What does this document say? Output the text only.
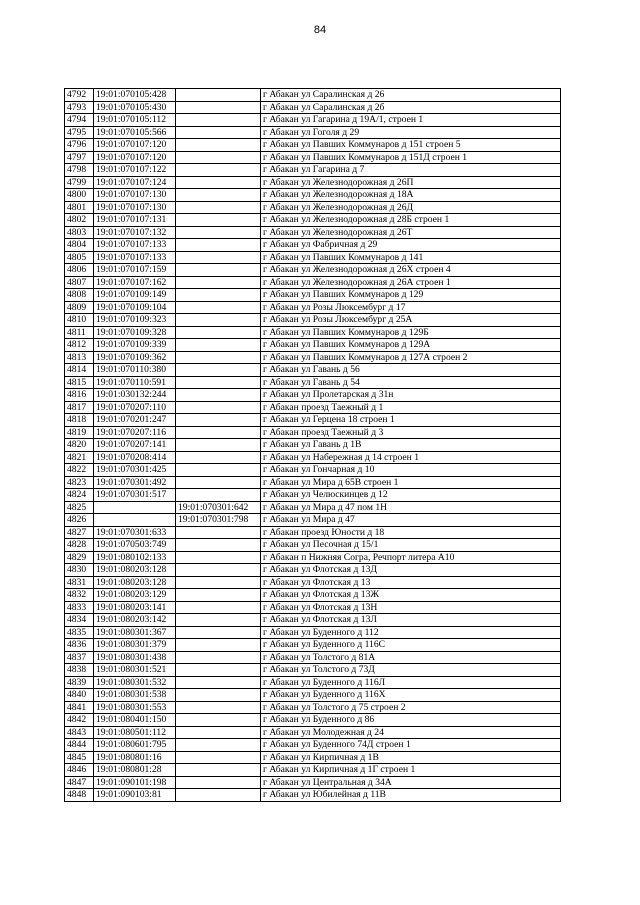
84
4792	19:01:070105:428		г Абакан ул Саралинская д 26
4793	19:01:070105:430		г Абакан ул Саралинская д 2б
4794	19:01:070105:112		г Абакан ул Гагарина д 19А/1, строен 1
4795	19:01:070105:566		г Абакан ул Гоголя д 29
4796	19:01:070107:120		г Абакан ул Павших Коммунаров д 151 строен 5
4797	19:01:070107:120		г Абакан ул Павших Коммунаров д 151Д строен 1
4798	19:01:070107:122		г Абакан ул Гагарина д 7
4799	19:01:070107:124		г Абакан ул Железнодорожная д 26П
4800	19:01:070107:130		г Абакан ул Железнодорожная д 18А
4801	19:01:070107:130		г Абакан ул Железнодорожная д 26Д
4802	19:01:070107:131		г Абакан ул Железнодорожная д 28Б строен 1
4803	19:01:070107:132		г Абакан ул Железнодорожная д 26Т
4804	19:01:070107:133		г Абакан ул Фабричная д 29
4805	19:01:070107:133		г Абакан ул Павших Коммунаров д 141
4806	19:01:070107:159		г Абакан ул Железнодорожная д 26Х строен 4
4807	19:01:070107:162		г Абакан ул Железнодорожная д 26А строен 1
4808	19:01:070109:149		г Абакан ул Павших Коммунаров д 129
4809	19:01:070109:104		г Абакан ул Розы Люксембург д 17
4810	19:01:070109:323		г Абакан ул Розы Люксембург д 25А
4811	19:01:070109:328		г Абакан ул Павших Коммунаров д 129Б
4812	19:01:070109:339		г Абакан ул Павших Коммунаров д 129А
4813	19:01:070109:362		г Абакан ул Павших Коммунаров д 127А строен 2
4814	19:01:070110:380		г Абакан ул Гавань д 56
4815	19:01:070110:591		г Абакан ул Гавань д 54
4816	19:01:030132:244		г Абакан ул Пролетарская д 31н
4817	19:01:070207:110		г Абакан проезд Таежный д 1
4818	19:01:070201:247		г Абакан ул Герцена 18 строен 1
4819	19:01:070207:116		г Абакан проезд Таежный д 3
4820	19:01:070207:141		г Абакан ул Гавань д 1В
4821	19:01:070208:414		г Абакан ул Набережная д 14 строен 1
4822	19:01:070301:425		г Абакан ул Гончарная д 10
4823	19:01:070301:492		г Абакан ул Мира д 65В строен 1
4824	19:01:070301:517		г Абакан ул Челюскинцев д 12
4825		19:01:070301:642	г Абакан ул Мира д 47 пом 1Н
4826		19:01:070301:798	г Абакан ул Мира д 47
4827	19:01:070301:633		г Абакан проезд Юности д 18
4828	19:01:070503:749		г Абакан ул Песочная д 15/1
4829	19:01:080102:133		г Абакан п Нижняя Согра, Речпорт литера А10
4830	19:01:080203:128		г Абакан ул Флотская д 13Д
4831	19:01:080203:128		г Абакан ул Флотская д 13
4832	19:01:080203:129		г Абакан ул Флотская д 13Ж
4833	19:01:080203:141		г Абакан ул Флотская д 13Н
4834	19:01:080203:142		г Абакан ул Флотская д 13Л
4835	19:01:080301:367		г Абакан ул Буденного д 112
4836	19:01:080301:379		г Абакан ул Буденного д 116С
4837	19:01:080301:438		г Абакан ул Толстого д 81А
4838	19:01:080301:521		г Абакан ул Толстого д 73Д
4839	19:01:080301:532		г Абакан ул Буденного д 116Л
4840	19:01:080301:538		г Абакан ул Буденного д 116Х
4841	19:01:080301:553		г Абакан ул Толстого д 75 строен 2
4842	19:01:080401:150		г Абакан ул Буденного д 86
4843	19:01:080501:112		г Абакан ул Молодежная д 24
4844	19:01:080601:795		г Абакан ул Буденного 74Д строен 1
4845	19:01:080801:16		г Абакан ул Кирпичная д 1В
4846	19:01:080801:28		г Абакан ул Кирпичная д 1Г строен 1
4847	19:01:090101:198		г Абакан ул Центральная д 34А
4848	19:01:090103:81		г Абакан ул Юбилейная д 11В
